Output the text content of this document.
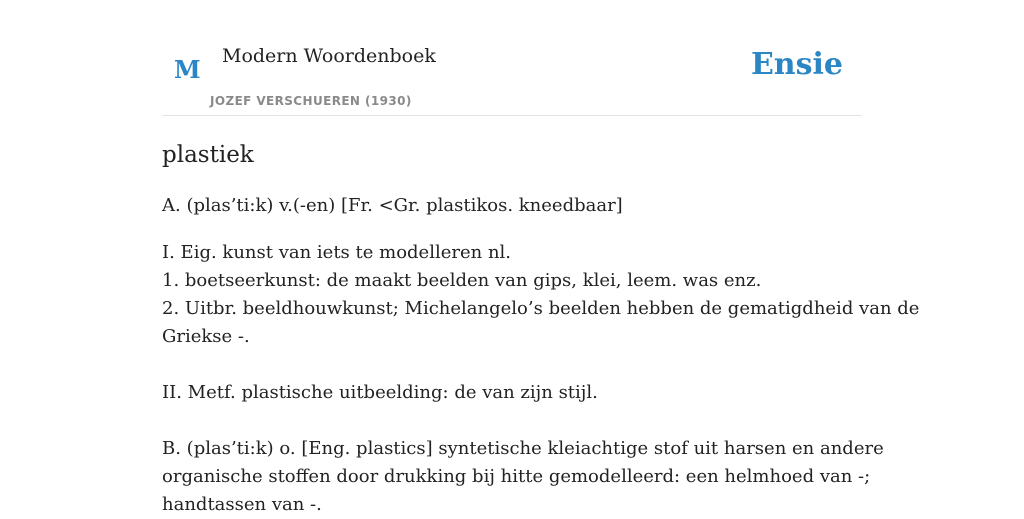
M Modern Woordenboek
JOZEF VERSCHUEREN (1930)
Ensie
plastiek

A. (plas’ti:k) v.(-en) [Fr. <Gr. plastikos. kneedbaar]

I. Eig. kunst van iets te modelleren nl.
1. boetseerkunst: de maakt beelden van gips, klei, leem. was enz.
2. Uitbr. beeldhouwkunst; Michelangelo’s beelden hebben de gematigdheid van de
Griekse -.

II. Metf. plastische uitbeelding: de van zijn stijl.

B. (plas’ti:k) o. [Eng. plastics] syntetische kleiachtige stof uit harsen en andere
organische stoffen door drukking bij hitte gemodelleerd: een helmhoed van -;
handtassen van -.
